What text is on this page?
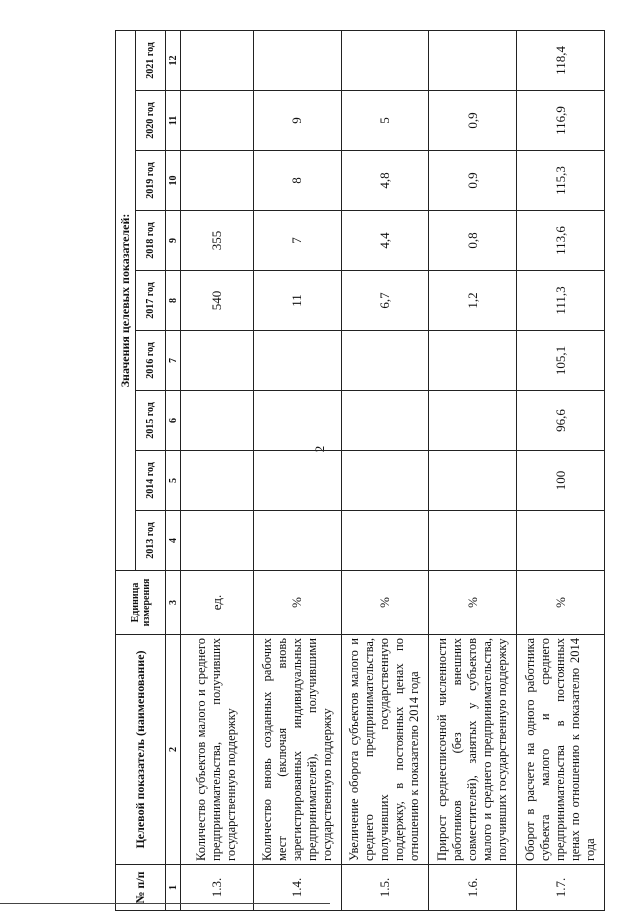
2
№ п/п	Целевой показатель (наименование)	Единица измерения	Значения целевых показателей:								
			2013 год	2014 год	2015 год	2016 год	2017 год	2018 год	2019 год	2020 год	2021 год
1	2	3	4	5	6	7	8	9	10	11	12
1.3.	Количество субъектов малого и среднего предпринимательства, получивших государственную поддержку	ед.					540	355			
1.4.	Количество вновь созданных рабочих мест (включая вновь зарегистрированных индивидуальных предпринимателей), получившими государственную поддержку	%					11	7	8	9	
1.5.	Увеличение оборота субъектов малого и среднего предпринимательства, получивших государственную поддержку, в постоянных ценах по отношению к показателю 2014 года	%					6,7	4,4	4,8	5	
1.6.	Прирост среднесписочной численности работников (без внешних совместителей), занятых у субъектов малого и среднего предпринимательства, получивших государственную поддержку	%					1,2	0,8	0,9	0,9	
1.7.	Оборот в расчете на одного работника субъекта малого и среднего предпринимательства в постоянных ценах по отношению к показателю 2014 года	%		100	96,6	105,1	111,3	113,6	115,3	116,9	118,4
